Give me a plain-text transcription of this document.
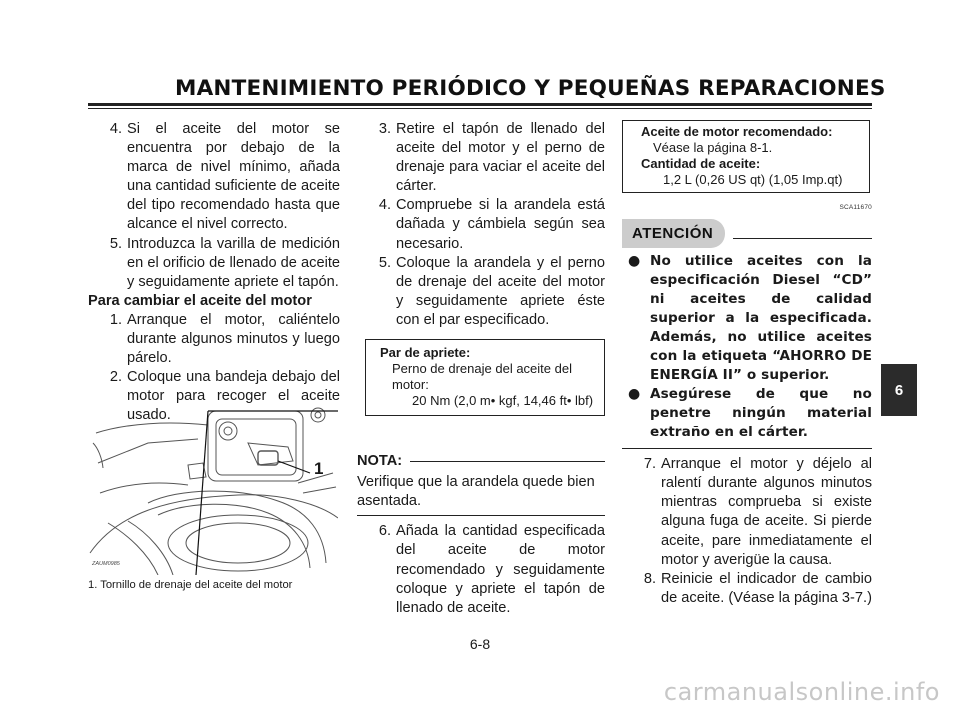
MANTENIMIENTO PERIÓDICO Y PEQUEÑAS REPARACIONES
4. Si el aceite del motor se encuentra por debajo de la marca de nivel mínimo, añada una cantidad suficiente de aceite del tipo recomendado hasta que alcance el nivel correcto.
5. Introduzca la varilla de medición en el orificio de llenado de aceite y seguidamente apriete el tapón.
Para cambiar el aceite del motor
1. Arranque el motor, caliéntelo durante algunos minutos y luego párelo.
2. Coloque una bandeja debajo del motor para recoger el aceite usado.
1
ZAUM0985
1. Tornillo de drenaje del aceite del motor
3. Retire el tapón de llenado del aceite del motor y el perno de drenaje para vaciar el aceite del cárter.
4. Compruebe si la arandela está dañada y cámbiela según sea necesario.
5. Coloque la arandela y el perno de drenaje del aceite del motor y seguidamente apriete éste con el par especificado.
Par de apriete:
Perno de drenaje del aceite del motor:
20 Nm (2,0 m• kgf, 14,46 ft• lbf)
NOTA:
Verifique que la arandela quede bien asentada.
6. Añada la cantidad especificada del aceite de motor recomendado y seguidamente coloque y apriete el tapón de llenado de aceite.
Aceite de motor recomendado:
Véase la página 8-1.
Cantidad de aceite:
1,2 L (0,26 US qt) (1,05 Imp.qt)
SCA11670
ATENCIÓN
● No utilice aceites con la especificación Diesel “CD” ni aceites de calidad superior a la especificada. Además, no utilice aceites con la etiqueta “AHORRO DE ENERGÍA II” o superior.
● Asegúrese de que no penetre ningún material extraño en el cárter.
7. Arranque el motor y déjelo al ralentí durante algunos minutos mientras comprueba si existe alguna fuga de aceite. Si pierde aceite, pare inmediatamente el motor y averigüe la causa.
8. Reinicie el indicador de cambio de aceite. (Véase la página 3-7.)
6
6-8
carmanualsonline.info
